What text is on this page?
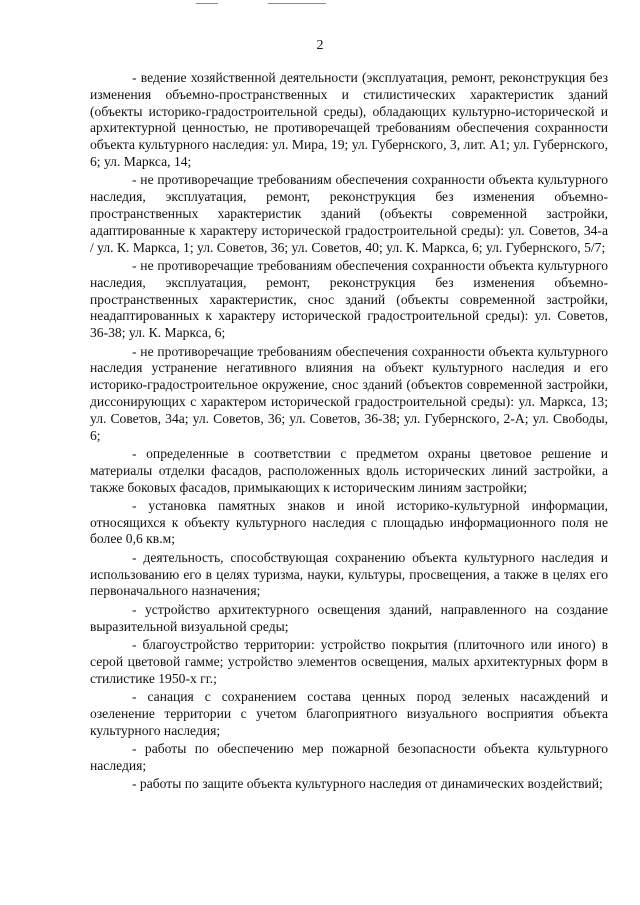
2

- ведение хозяйственной деятельности (эксплуатация, ремонт, реконструкция без изменения объемно-пространственных и стилистических характеристик зданий (объекты историко-градостроительной среды), обладающих культурно-исторической и архитектурной ценностью, не противоречащей требованиям обеспечения сохранности объекта культурного наследия: ул. Мира, 19; ул. Губернского, 3, лит. А1; ул. Губернского, 6; ул. Маркса, 14;

- не противоречащие требованиям обеспечения сохранности объекта культурного наследия, эксплуатация, ремонт, реконструкция без изменения объемно-пространственных характеристик зданий (объекты современной застройки, адаптированные к характеру исторической градостроительной среды): ул. Советов, 34-а / ул. К. Маркса, 1; ул. Советов, 36; ул. Советов, 40; ул. К. Маркса, 6; ул. Губернского, 5/7;

- не противоречащие требованиям обеспечения сохранности объекта культурного наследия, эксплуатация, ремонт, реконструкция без изменения объемно-пространственных характеристик, снос зданий (объекты современной застройки, неадаптированных к характеру исторической градостроительной среды): ул. Советов, 36-38; ул. К. Маркса, 6;

- не противоречащие требованиям обеспечения сохранности объекта культурного наследия устранение негативного влияния на объект культурного наследия и его историко-градостроительное окружение, снос зданий (объектов современной застройки, диссонирующих с характером исторической градостроительной среды): ул. Маркса, 13; ул. Советов, 34а; ул. Советов, 36; ул. Советов, 36-38; ул. Губернского, 2-А; ул. Свободы, 6;

- определенные в соответствии с предметом охраны цветовое решение и материалы отделки фасадов, расположенных вдоль исторических линий застройки, а также боковых фасадов, примыкающих к историческим линиям застройки;

- установка памятных знаков и иной историко-культурной информации, относящихся к объекту культурного наследия с площадью информационного поля не более 0,6 кв.м;

- деятельность, способствующая сохранению объекта культурного наследия и использованию его в целях туризма, науки, культуры, просвещения, а также в целях его первоначального назначения;

- устройство архитектурного освещения зданий, направленного на создание выразительной визуальной среды;

- благоустройство территории: устройство покрытия (плиточного или иного) в серой цветовой гамме; устройство элементов освещения, малых архитектурных форм в стилистике 1950-х гг.;

- санация с сохранением состава ценных пород зеленых насаждений и озеленение территории с учетом благоприятного визуального восприятия объекта культурного наследия;

- работы по обеспечению мер пожарной безопасности объекта культурного наследия;

- работы по защите объекта культурного наследия от динамических воздействий;
